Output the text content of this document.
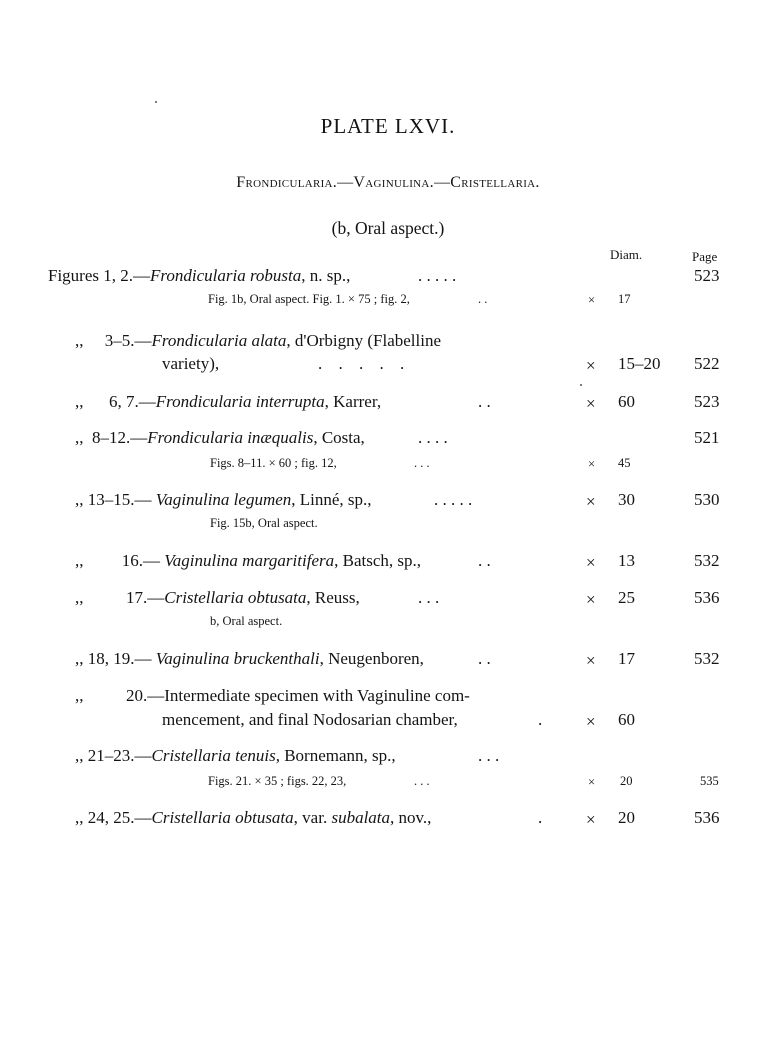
PLATE LXVI.
Frondicularia.—Vaginulina.—Cristellaria.
(b, Oral aspect.)
Diam.	Page
Figures 1, 2.—Frondicularia robusta, n. sp.,	. . . . .	523
Fig. 1b, Oral aspect. Fig. 1. × 75 ; fig. 2,	. .	× 17
,, 3–5.—Frondicularia alata, d'Orbigny (Flabelline
variety),	. . . . .	× 15–20 522
,, 6, 7.—Frondicularia interrupta, Karrer,	. .	× 60	523
,, 8–12.—Frondicularia inæqualis, Costa,	. . . .	521
Figs. 8–11. × 60 ; fig. 12,	. . .	× 45
,, 13–15.— Vaginulina legumen, Linné, sp.,	. . . . .	× 30	530
Fig. 15b, Oral aspect.
,, 16.— Vaginulina margaritifera, Batsch, sp.,	. .	× 13	532
,,	17.—Cristellaria obtusata, Reuss,	. . .	× 25	536
b, Oral aspect.
,, 18, 19.— Vaginulina bruckenthali, Neugenboren,	. .	× 17	532
,,	20.—Intermediate specimen with Vaginuline com-
mencement, and final Nodosarian chamber,	.	× 60
,, 21–23.—Cristellaria tenuis, Bornemann, sp.,	. . .
Figs. 21. × 35 ; figs. 22, 23,	. . .	× 20	535
,, 24, 25.—Cristellaria obtusata, var. subalata, nov.,	.	× 20	536
